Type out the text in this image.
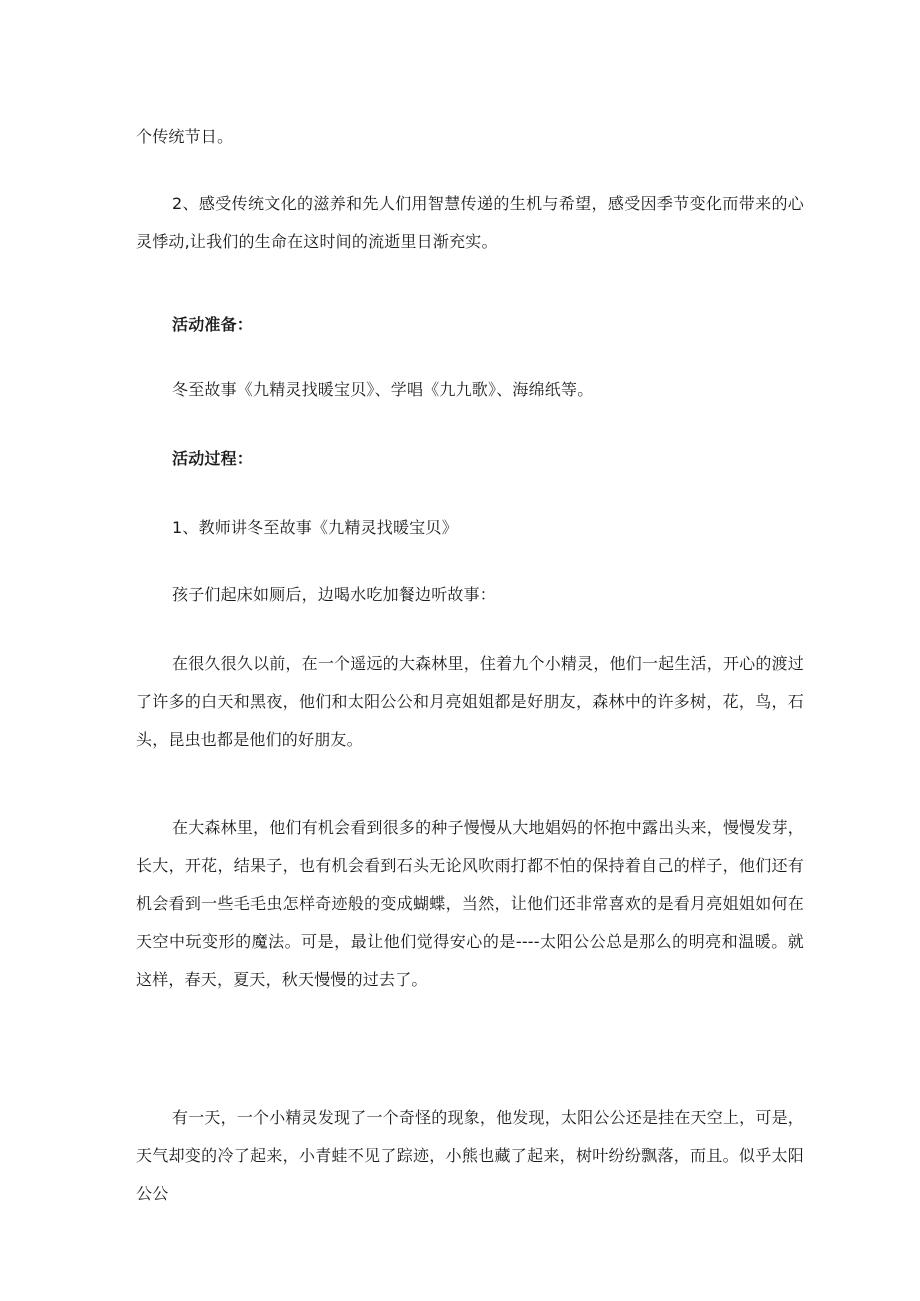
个传统节日。

2、感受传统文化的滋养和先人们用智慧传递的生机与希望，感受因季节变化而带来的心灵悸动,让我们的生命在这时间的流逝里日渐充实。

活动准备：

冬至故事《九精灵找暖宝贝》、学唱《九九歌》、海绵纸等。

活动过程：

1、教师讲冬至故事《九精灵找暖宝贝》

孩子们起床如厕后，边喝水吃加餐边听故事：

在很久很久以前，在一个遥远的大森林里，住着九个小精灵，他们一起生活，开心的渡过了许多的白天和黑夜，他们和太阳公公和月亮姐姐都是好朋友，森林中的许多树，花，鸟，石头，昆虫也都是他们的好朋友。

在大森林里，他们有机会看到很多的种子慢慢从大地娼妈的怀抱中露出头来，慢慢发芽，长大，开花，结果子，也有机会看到石头无论风吹雨打都不怕的保持着自己的样子，他们还有机会看到一些毛毛虫怎样奇迹般的变成蝴蝶，当然，让他们还非常喜欢的是看月亮姐姐如何在天空中玩变形的魔法。可是，最让他们觉得安心的是----太阳公公总是那么的明亮和温暖。就这样，春天，夏天，秋天慢慢的过去了。

有一天，一个小精灵发现了一个奇怪的现象，他发现，太阳公公还是挂在天空上，可是，天气却变的冷了起来，小青蛙不见了踪迹，小熊也藏了起来，树叶纷纷飘落，而且。似乎太阳公公
